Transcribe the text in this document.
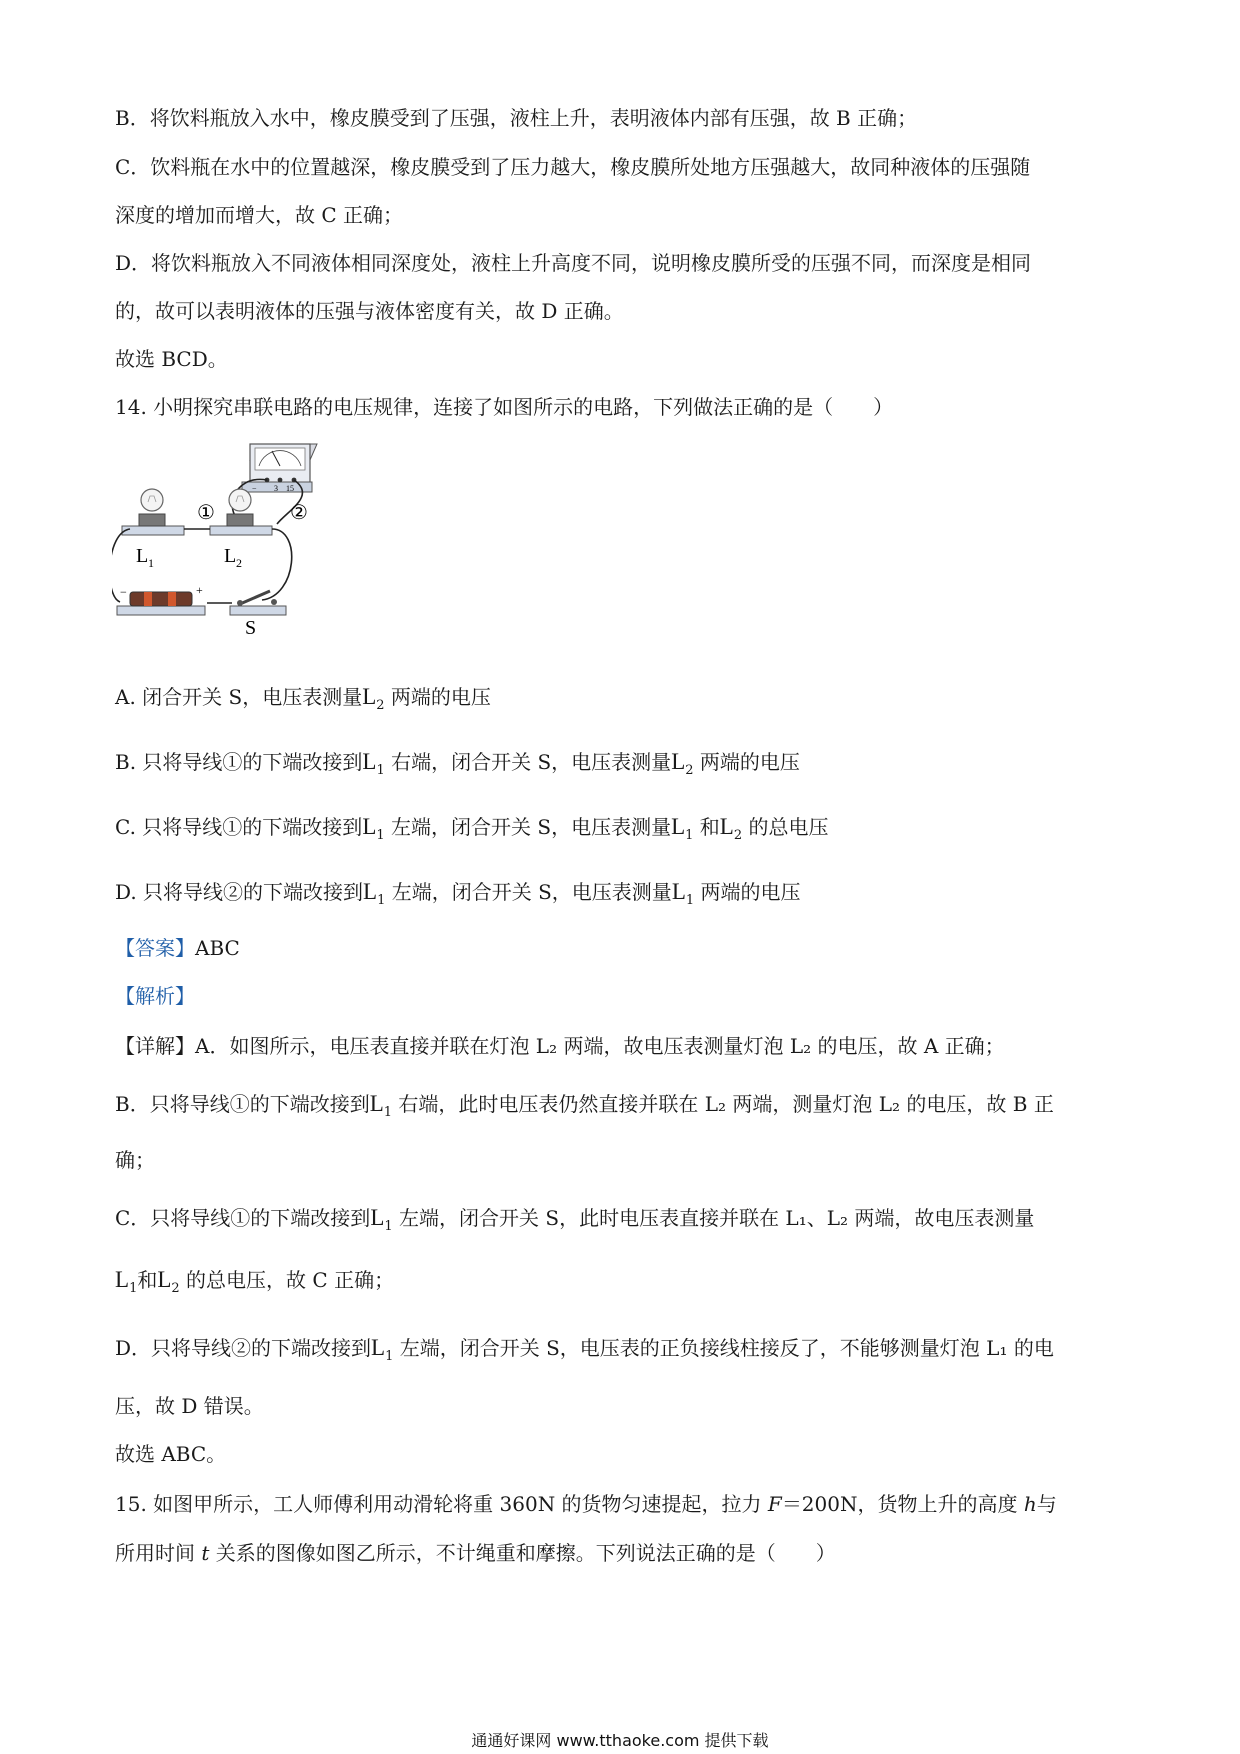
B．将饮料瓶放入水中，橡皮膜受到了压强，液柱上升，表明液体内部有压强，故 B 正确；
C．饮料瓶在水中的位置越深，橡皮膜受到了压力越大，橡皮膜所处地方压强越大，故同种液体的压强随
深度的增加而增大，故 C 正确；
D．将饮料瓶放入不同液体相同深度处，液柱上升高度不同，说明橡皮膜所受的压强不同，而深度是相同
的，故可以表明液体的压强与液体密度有关，故 D 正确。
故选 BCD。
14. 小明探究串联电路的电压规律，连接了如图所示的电路，下列做法正确的是（　　）
− 3 15
①	②
L 1	L 2
−	+
S
A. 闭合开关 S，电压表测量$L_2$ 两端的电压
B. 只将导线①的下端改接到$L_1$ 右端，闭合开关 S，电压表测量$L_2$ 两端的电压
C. 只将导线①的下端改接到$L_1$ 左端，闭合开关 S，电压表测量$L_1$ 和$L_2$ 的总电压
D. 只将导线②的下端改接到$L_1$ 左端，闭合开关 S，电压表测量$L_1$ 两端的电压
【答案】ABC
【解析】
【详解】A．如图所示，电压表直接并联在灯泡 L₂ 两端，故电压表测量灯泡 L₂ 的电压，故 A 正确；
B．只将导线①的下端改接到$L_1$ 右端，此时电压表仍然直接并联在 L₂ 两端，测量灯泡 L₂ 的电压，故 B 正
确；
C．只将导线①的下端改接到$L_1$ 左端，闭合开关 S，此时电压表直接并联在 L₁、L₂ 两端，故电压表测量
$L_1$和$L_2$ 的总电压，故 C 正确；
D．只将导线②的下端改接到$L_1$ 左端，闭合开关 S，电压表的正负接线柱接反了，不能够测量灯泡 L₁ 的电
压，故 D 错误。
故选 ABC。
15. 如图甲所示，工人师傅利用动滑轮将重 360N 的货物匀速提起，拉力 F＝200N，货物上升的高度 h与
所用时间 t 关系的图像如图乙所示，不计绳重和摩擦。下列说法正确的是（　　）
通通好课网 www.tthaoke.com 提供下载
